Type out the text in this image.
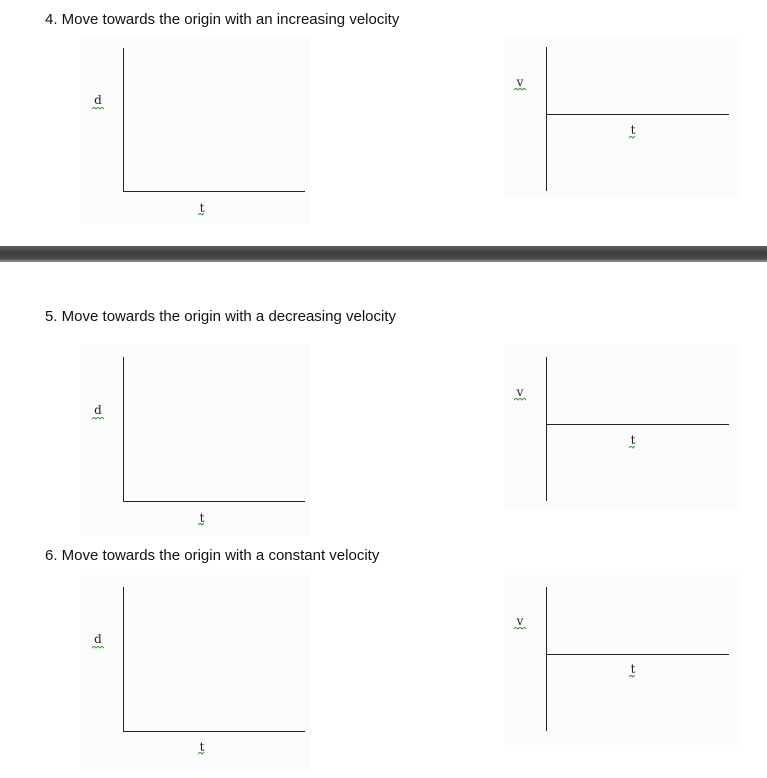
4. Move towards the origin with an increasing velocity
d
t
v
t
5. Move towards the origin with a decreasing velocity
d
t
v
t
6. Move towards the origin with a constant velocity
d
t
v
t
